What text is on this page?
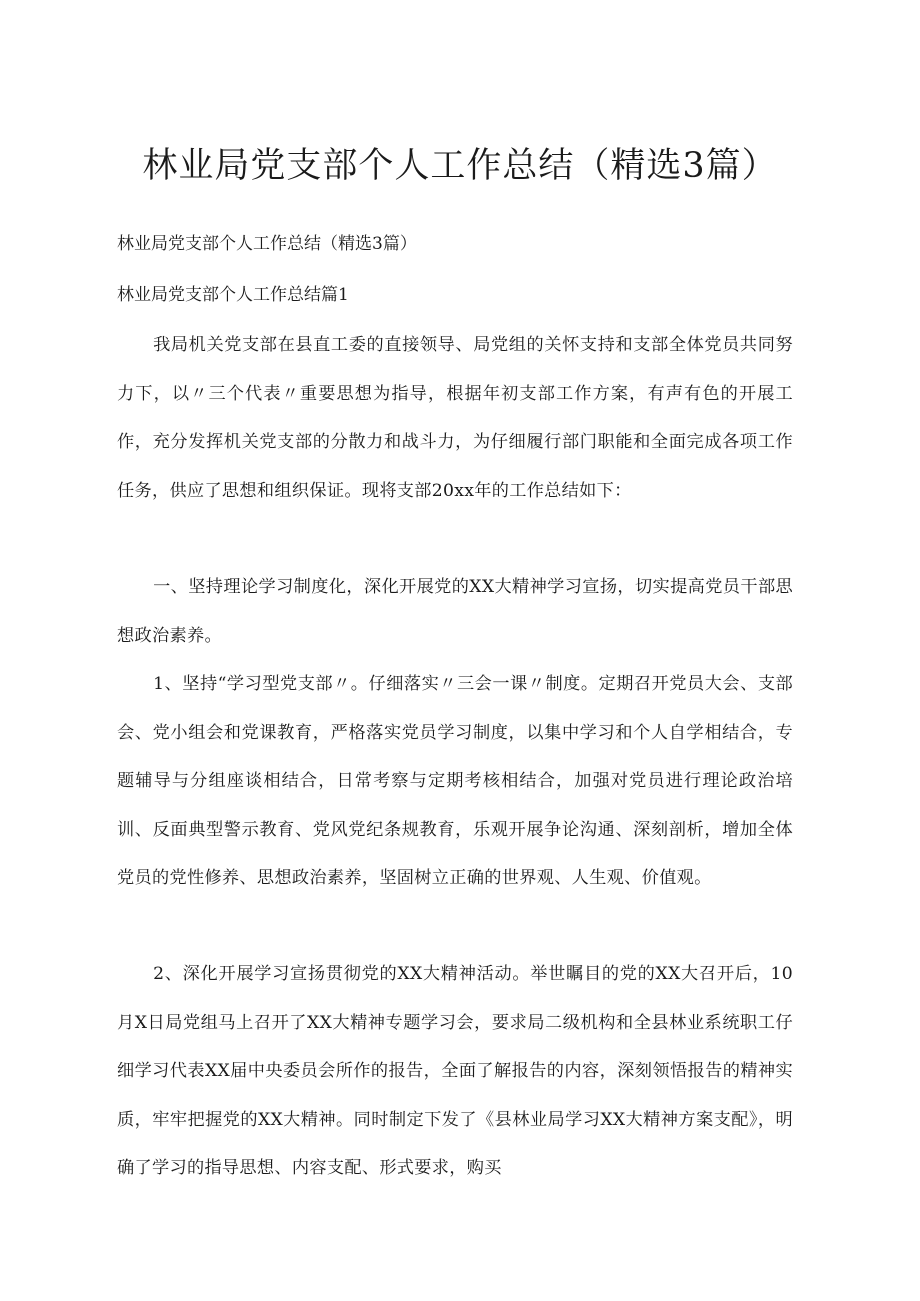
林业局党支部个人工作总结（精选3篇）

林业局党支部个人工作总结（精选3篇）

林业局党支部个人工作总结篇1

我局机关党支部在县直工委的直接领导、局党组的关怀支持和支部全体党员共同努力下，以〃三个代表〃重要思想为指导，根据年初支部工作方案，有声有色的开展工作，充分发挥机关党支部的分散力和战斗力，为仔细履行部门职能和全面完成各项工作任务，供应了思想和组织保证。现将支部20xx年的工作总结如下：

一、坚持理论学习制度化，深化开展党的XX大精神学习宣扬，切实提高党员干部思想政治素养。

1、坚持“学习型党支部〃。仔细落实〃三会一课〃制度。定期召开党员大会、支部会、党小组会和党课教育，严格落实党员学习制度，以集中学习和个人自学相结合，专题辅导与分组座谈相结合，日常考察与定期考核相结合，加强对党员进行理论政治培训、反面典型警示教育、党风党纪条规教育，乐观开展争论沟通、深刻剖析，增加全体党员的党性修养、思想政治素养，坚固树立正确的世界观、人生观、价值观。

2、深化开展学习宣扬贯彻党的XX大精神活动。举世瞩目的党的XX大召开后，10月X日局党组马上召开了XX大精神专题学习会，要求局二级机构和全县林业系统职工仔细学习代表XX届中央委员会所作的报告，全面了解报告的内容，深刻领悟报告的精神实质，牢牢把握党的XX大精神。同时制定下发了《县林业局学习XX大精神方案支配》，明确了学习的指导思想、内容支配、形式要求，购买
